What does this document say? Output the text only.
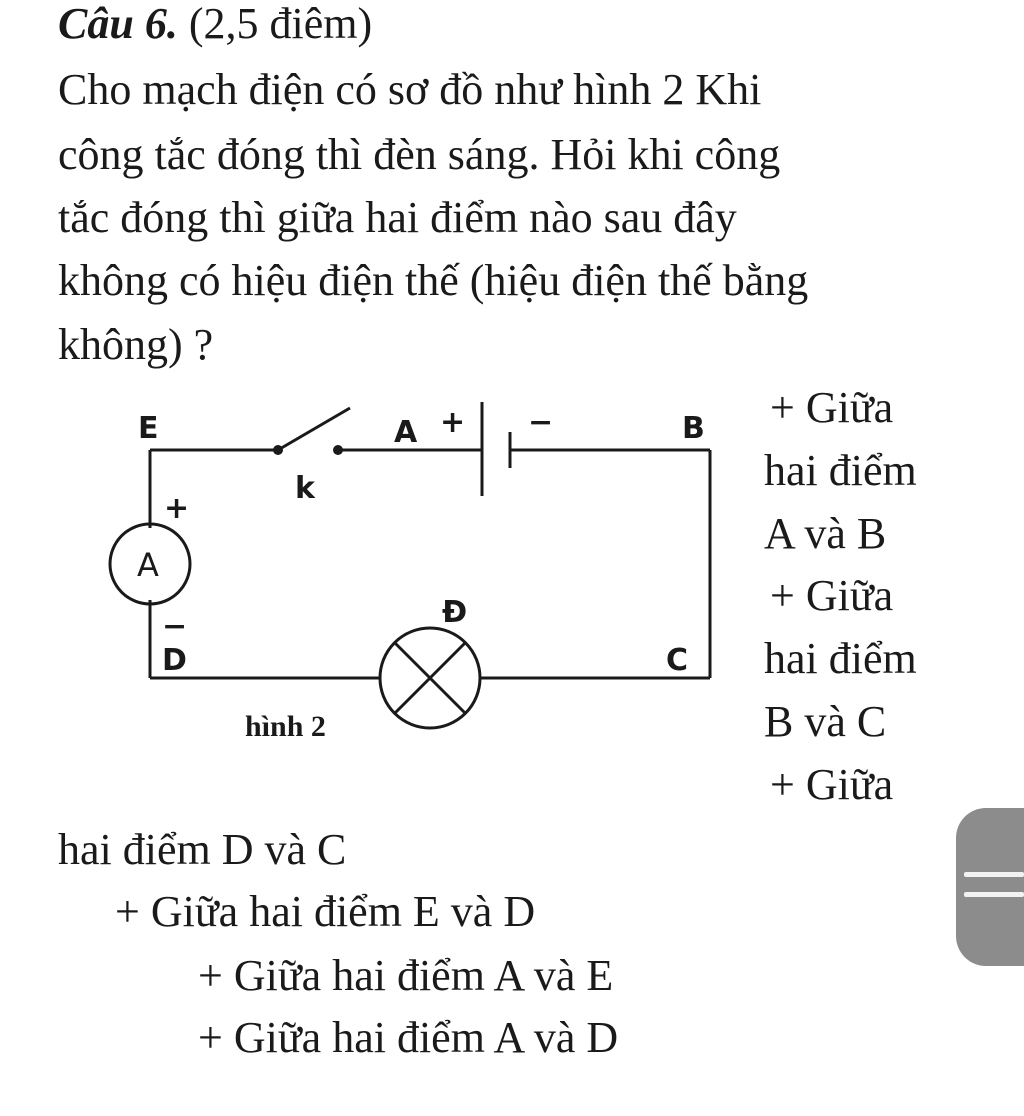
Câu 6. (2,5 điêm)
Cho mạch điện có sơ đồ như hình 2 Khi
công tắc đóng thì đèn sáng. Hỏi khi công
tắc đóng thì giữa hai điểm nào sau đây
không có hiệu điện thế (hiệu điện thế bằng
không) ?
E	A + −	B
k
+
A
−
D
Đ
C
hình 2
+ Giữa
hai điểm
A và B
+ Giữa
hai điểm
B và C
+ Giữa
hai điểm D và C
+ Giữa hai điểm E và D
+ Giữa hai điểm A và E
+ Giữa hai điểm A và D
